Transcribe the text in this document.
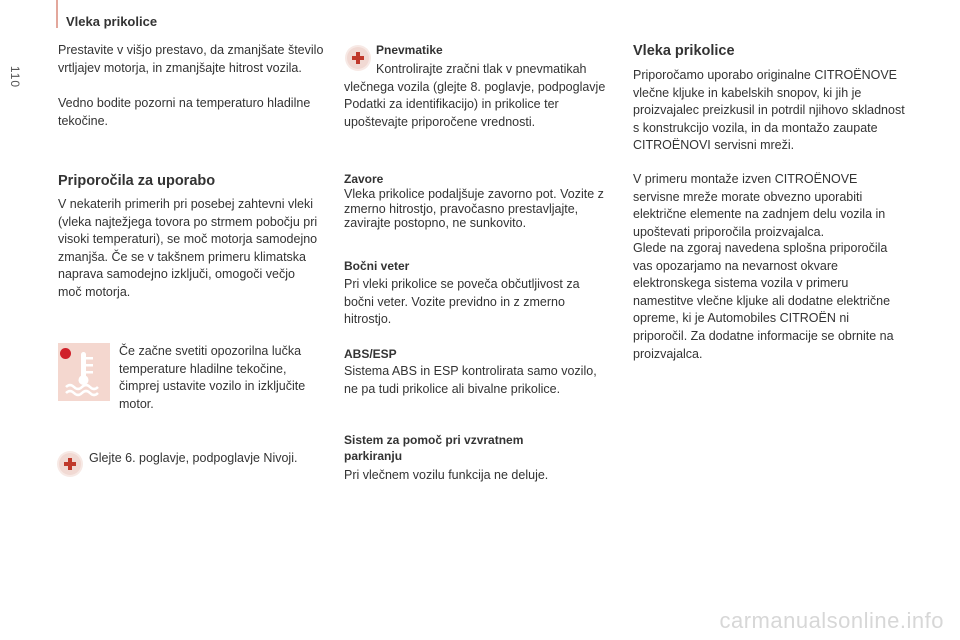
Vleka prikolice
110
Prestavite v višjo prestavo, da zmanjšate število vrtljajev motorja, in zmanjšajte hitrost vozila.
Vedno bodite pozorni na temperaturo hladilne tekočine.
Priporočila za uporabo
V nekaterih primerih pri posebej zahtevni vleki (vleka najtežjega tovora po strmem pobočju pri visoki temperaturi), se moč motorja samodejno zmanjša. Če se v takšnem primeru klimatska naprava samodejno izključi, omogoči večjo moč motorja.
Če začne svetiti opozorilna lučka temperature hladilne tekočine, čimprej ustavite vozilo in izključite motor.
Glejte 6. poglavje, podpoglavje Nivoji.
Pnevmatike
Kontrolirajte zračni tlak v pnevmatikah vlečnega vozila (glejte 8. poglavje, podpoglavje Podatki za identifikacijo) in prikolice ter upoštevajte priporočene vrednosti.
Zavore
Vleka prikolice podaljšuje zavorno pot. Vozite z zmerno hitrostjo, pravočasno prestavljajte, zavirajte postopno, ne sunkovito.
Bočni veter
Pri vleki prikolice se poveča občutljivost za bočni veter. Vozite previdno in z zmerno hitrostjo.
ABS/ESP
Sistema ABS in ESP kontrolirata samo vozilo, ne pa tudi prikolice ali bivalne prikolice.
Sistem za pomoč pri vzvratnem parkiranju
Pri vlečnem vozilu funkcija ne deluje.
Vleka prikolice
Priporočamo uporabo originalne CITROËNOVE vlečne kljuke in kabelskih snopov, ki jih je proizvajalec preizkusil in potrdil njihovo skladnost s konstrukcijo vozila, in da montažo zaupate CITROËNOVI servisni mreži.
V primeru montaže izven CITROËNOVE servisne mreže morate obvezno uporabiti električne elemente na zadnjem delu vozila in upoštevati priporočila proizvajalca.
Glede na zgoraj navedena splošna priporočila vas opozarjamo na nevarnost okvare elektronskega sistema vozila v primeru namestitve vlečne kljuke ali dodatne električne opreme, ki je Automobiles CITROËN ni priporočil. Za dodatne informacije se obrnite na proizvajalca.
carmanualsonline.info
